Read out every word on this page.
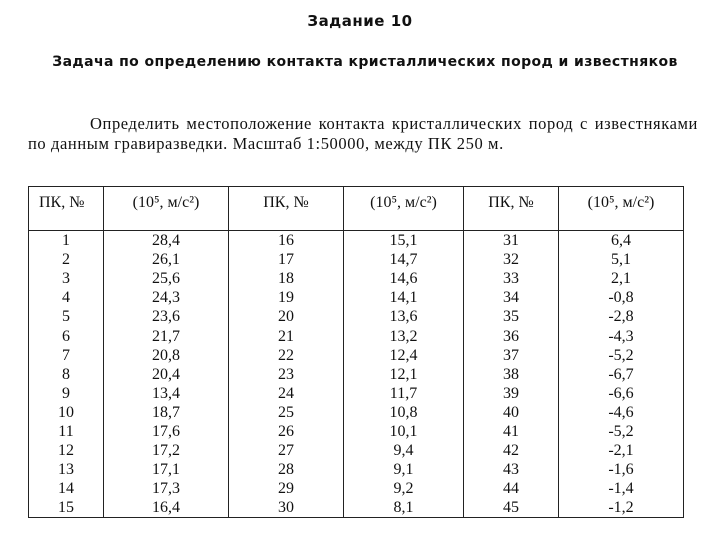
Задание 10
Задача по определению контакта кристаллических пород и известняков
Определить местоположение контакта кристаллических пород с известняками по данным гравиразведки. Масштаб 1:50000, между ПК 250 м.
ПК, №	(10⁵, м/с²)	ПК, №	(10⁵, м/с²)	ПК, №	(10⁵, м/с²)
1	28,4	16	15,1	31	6,4
2	26,1	17	14,7	32	5,1
3	25,6	18	14,6	33	2,1
4	24,3	19	14,1	34	-0,8
5	23,6	20	13,6	35	-2,8
6	21,7	21	13,2	36	-4,3
7	20,8	22	12,4	37	-5,2
8	20,4	23	12,1	38	-6,7
9	13,4	24	11,7	39	-6,6
10	18,7	25	10,8	40	-4,6
11	17,6	26	10,1	41	-5,2
12	17,2	27	9,4	42	-2,1
13	17,1	28	9,1	43	-1,6
14	17,3	29	9,2	44	-1,4
15	16,4	30	8,1	45	-1,2
